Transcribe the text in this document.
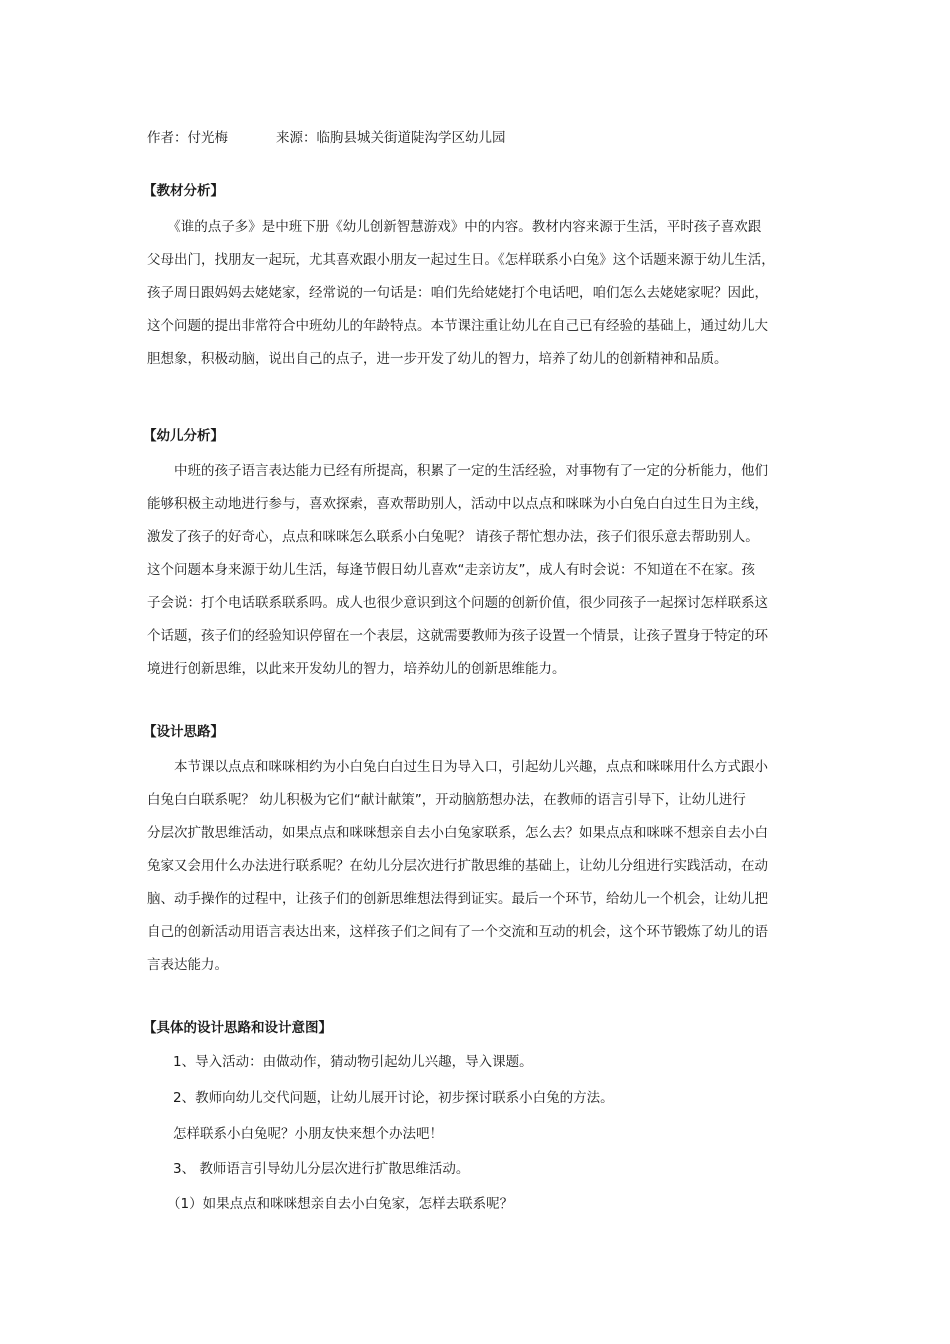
作者：付光梅	来源：临朐县城关街道陡沟学区幼儿园
【教材分析】
　　《谁的点子多》是中班下册《幼儿创新智慧游戏》中的内容。教材内容来源于生活，平时孩子喜欢跟
父母出门，找朋友一起玩，尤其喜欢跟小朋友一起过生日。《怎样联系小白兔》这个话题来源于幼儿生活，
孩子周日跟妈妈去姥姥家，经常说的一句话是：咱们先给姥姥打个电话吧，咱们怎么去姥姥家呢？因此，
这个问题的提出非常符合中班幼儿的年龄特点。本节课注重让幼儿在自己已有经验的基础上，通过幼儿大
胆想象，积极动脑，说出自己的点子，进一步开发了幼儿的智力，培养了幼儿的创新精神和品质。
【幼儿分析】
　　中班的孩子语言表达能力已经有所提高，积累了一定的生活经验，对事物有了一定的分析能力，他们
能够积极主动地进行参与，喜欢探索，喜欢帮助别人，活动中以点点和咪咪为小白兔白白过生日为主线，
激发了孩子的好奇心，点点和咪咪怎么联系小白兔呢？ 请孩子帮忙想办法，孩子们很乐意去帮助别人。
这个问题本身来源于幼儿生活，每逢节假日幼儿喜欢“走亲访友”，成人有时会说：不知道在不在家。孩
子会说：打个电话联系联系吗。成人也很少意识到这个问题的创新价值，很少同孩子一起探讨怎样联系这
个话题，孩子们的经验知识停留在一个表层，这就需要教师为孩子设置一个情景，让孩子置身于特定的环
境进行创新思维，以此来开发幼儿的智力，培养幼儿的创新思维能力。
【设计思路】
　　本节课以点点和咪咪相约为小白兔白白过生日为导入口，引起幼儿兴趣，点点和咪咪用什么方式跟小
白兔白白联系呢？ 幼儿积极为它们“献计献策”，开动脑筋想办法，在教师的语言引导下，让幼儿进行
分层次扩散思维活动，如果点点和咪咪想亲自去小白兔家联系，怎么去？如果点点和咪咪不想亲自去小白
兔家又会用什么办法进行联系呢？在幼儿分层次进行扩散思维的基础上，让幼儿分组进行实践活动，在动
脑、动手操作的过程中，让孩子们的创新思维想法得到证实。最后一个环节，给幼儿一个机会，让幼儿把
自己的创新活动用语言表达出来，这样孩子们之间有了一个交流和互动的机会，这个环节锻炼了幼儿的语
言表达能力。
【具体的设计思路和设计意图】
1、导入活动：由做动作，猜动物引起幼儿兴趣，导入课题。
2、教师向幼儿交代问题，让幼儿展开讨论，初步探讨联系小白兔的方法。
怎样联系小白兔呢？小朋友快来想个办法吧！
3、 教师语言引导幼儿分层次进行扩散思维活动。
（1）如果点点和咪咪想亲自去小白兔家，怎样去联系呢？
